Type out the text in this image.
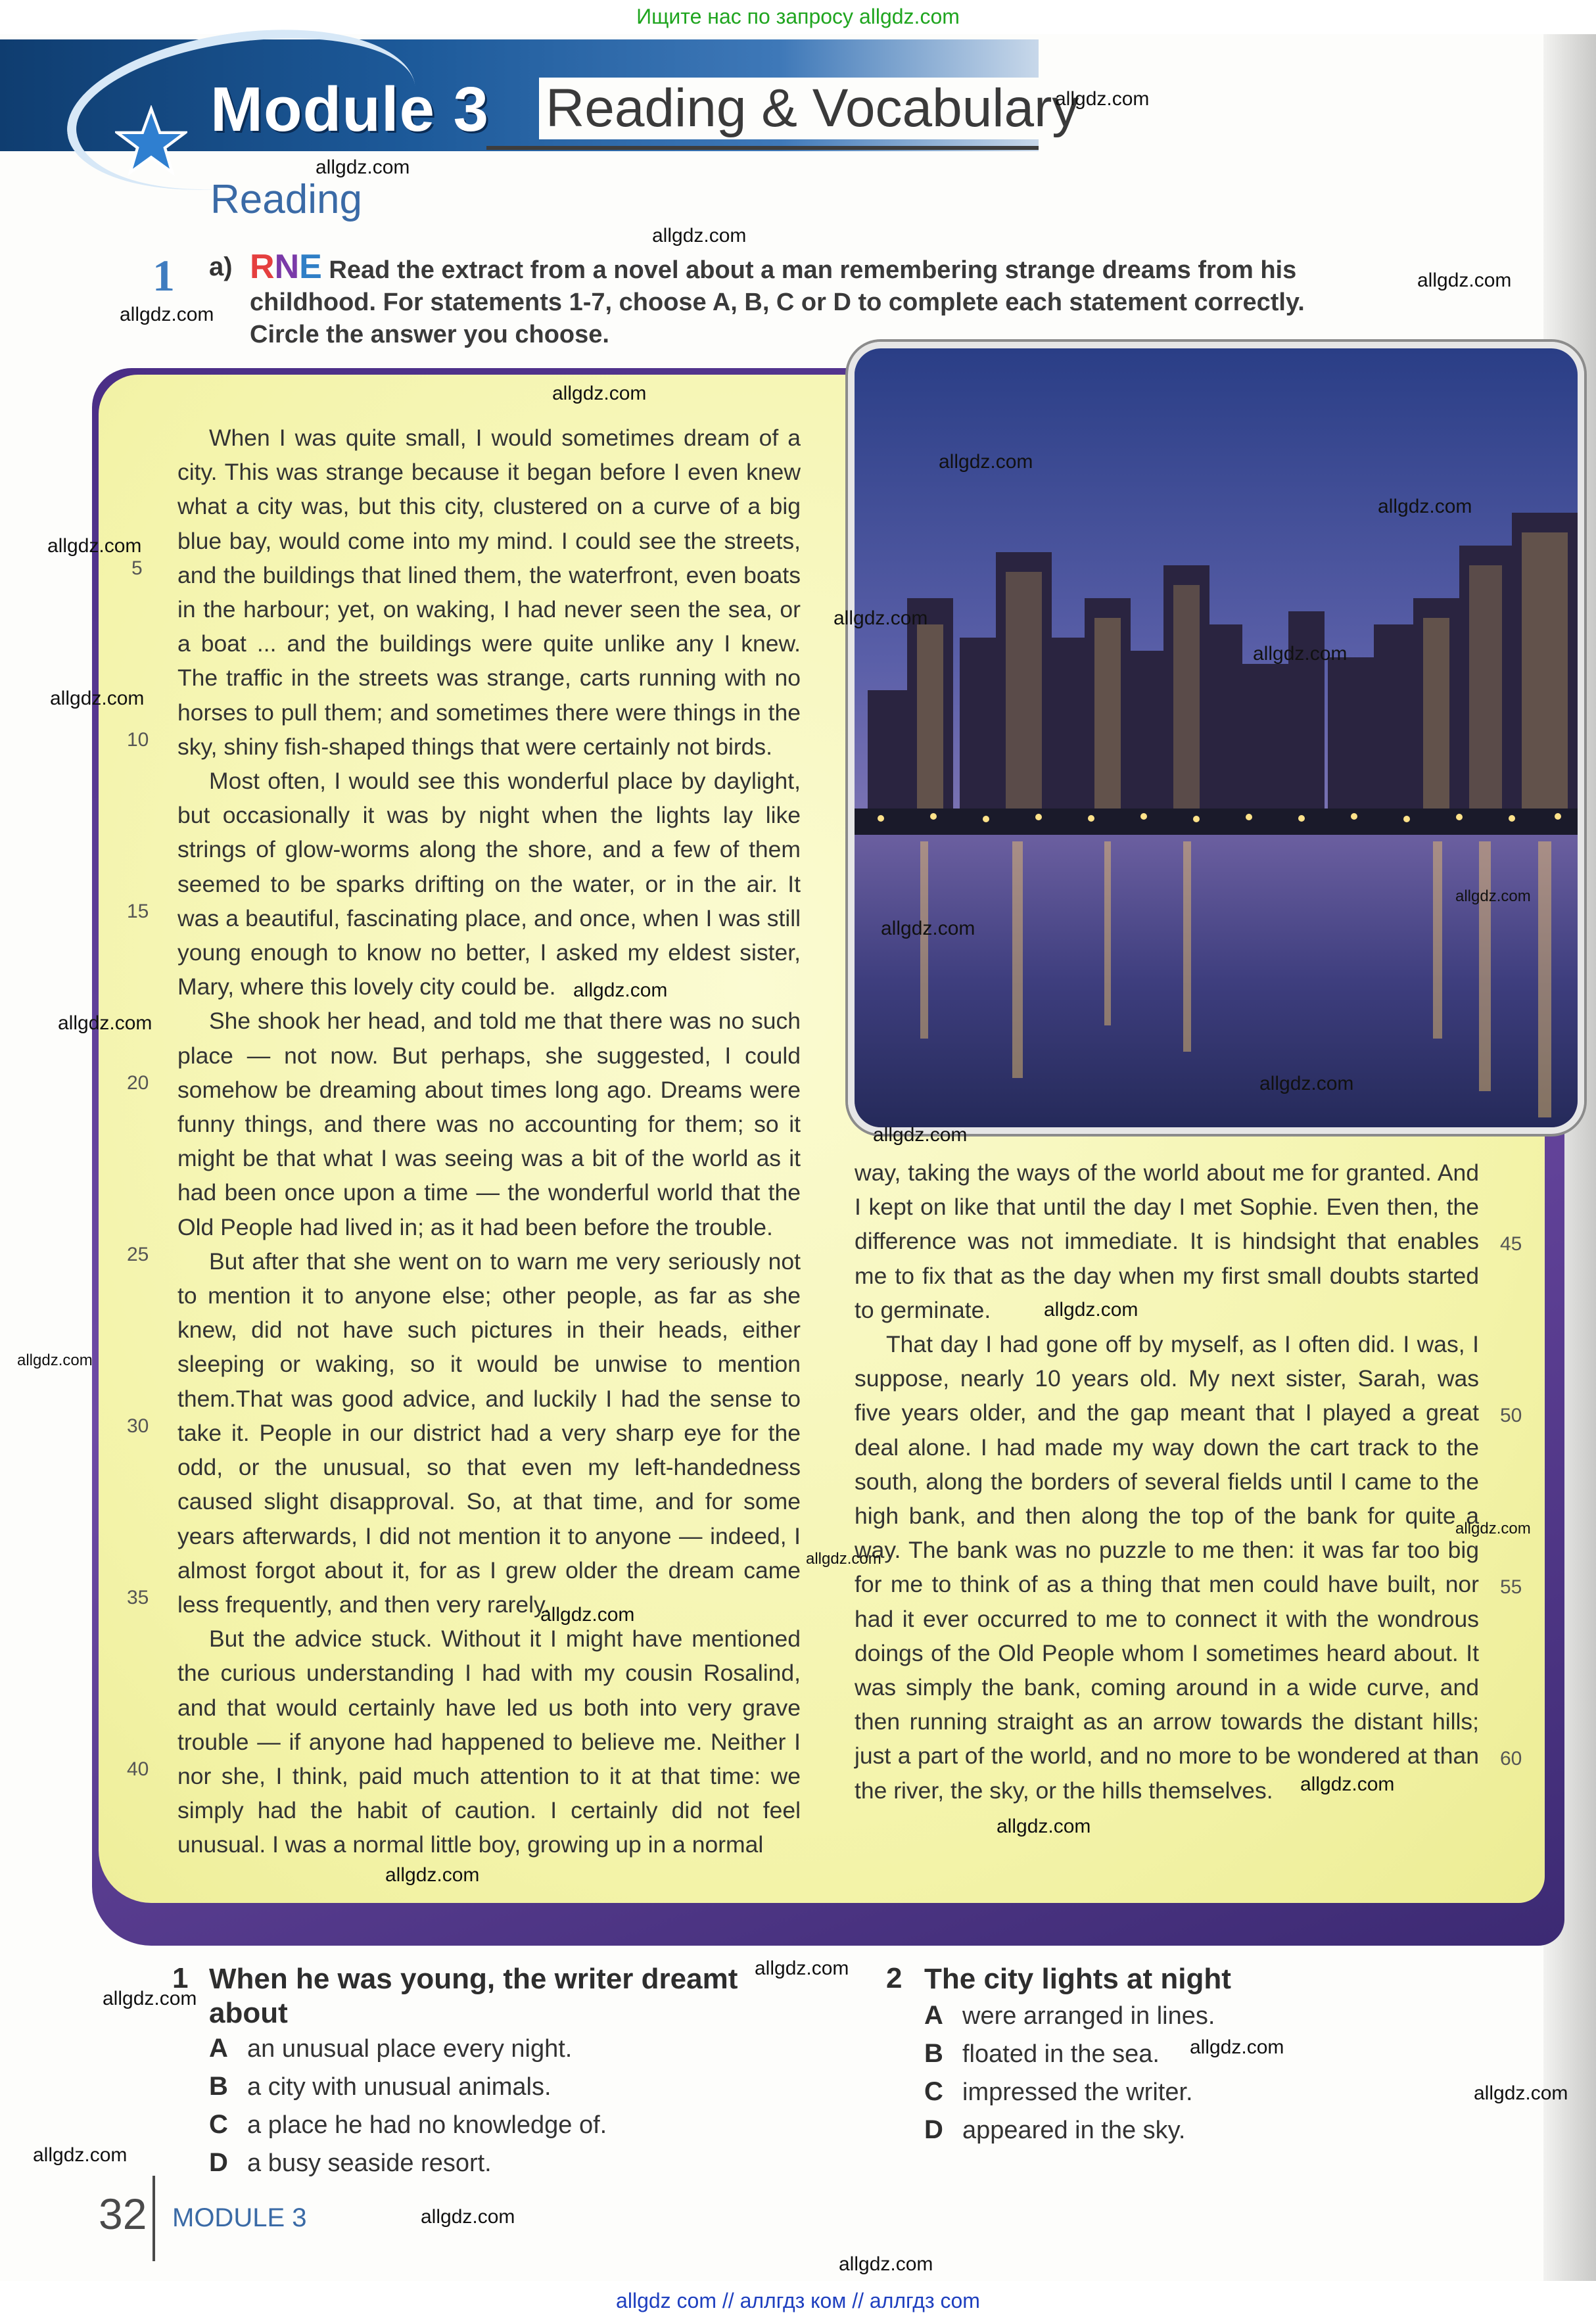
Ищите нас по запросу allgdz.com
Module 3 Reading & Vocabulary
Reading
1 a) RNE Read the extract from a novel about a man remembering strange dreams from his childhood. For statements 1-7, choose A, B, C or D to complete each statement correctly. Circle the answer you choose.

When I was quite small, I would sometimes dream of a city. This was strange because it began before I even knew what a city was, but this city, clustered on a curve of a big blue bay, would come into my mind. I could see the streets, and the buildings that lined them, the waterfront, even boats in the harbour; yet, on waking, I had never seen the sea, or a boat ... and the buildings were quite unlike any I knew. The traffic in the streets was strange, carts running with no horses to pull them; and sometimes there were things in the sky, shiny fish-shaped things that were certainly not birds.

Most often, I would see this wonderful place by daylight, but occasionally it was by night when the lights lay like strings of glow-worms along the shore, and a few of them seemed to be sparks drifting on the water, or in the air. It was a beautiful, fascinating place, and once, when I was still young enough to know no better, I asked my eldest sister, Mary, where this lovely city could be.

She shook her head, and told me that there was no such place — not now. But perhaps, she suggested, I could somehow be dreaming about times long ago. Dreams were funny things, and there was no accounting for them; so it might be that what I was seeing was a bit of the world as it had been once upon a time — the wonderful world that the Old People had lived in; as it had been before the trouble.

But after that she went on to warn me very seriously not to mention it to anyone else; other people, as far as she knew, did not have such pictures in their heads, either sleeping or waking, so it would be unwise to mention them.That was good advice, and luckily I had the sense to take it. People in our district had a very sharp eye for the odd, or the unusual, so that even my left-handedness caused slight disapproval. So, at that time, and for some years afterwards, I did not mention it to anyone — indeed, I almost forgot about it, for as I grew older the dream came less frequently, and then very rarely.

But the advice stuck. Without it I might have mentioned the curious understanding I had with my cousin Rosalind, and that would certainly have led us both into very grave trouble — if anyone had happened to believe me. Neither I nor she, I think, paid much attention to it at that time: we simply had the habit of caution. I certainly did not feel unusual. I was a normal little boy, growing up in a normal

5
10
15
20
25
30
35
40

way, taking the ways of the world about me for granted. And I kept on like that until the day I met Sophie. Even then, the difference was not immediate. It is hindsight that enables me to fix that as the day when my first small doubts started to germinate.

That day I had gone off by myself, as I often did. I was, I suppose, nearly 10 years old. My next sister, Sarah, was five years older, and the gap meant that I played a great deal alone. I had made my way down the cart track to the south, along the borders of several fields until I came to the high bank, and then along the top of the bank for quite a way. The bank was no puzzle to me then: it was far too big for me to think of as a thing that men could have built, nor had it ever occurred to me to connect it with the wondrous doings of the Old People whom I sometimes heard about. It was simply the bank, coming around in a wide curve, and then running straight as an arrow towards the distant hills; just a part of the world, and no more to be wondered at than the river, the sky, or the hills themselves.

45
50
55
60
1 When he was young, the writer dreamt about
A an unusual place every night.
B a city with unusual animals.
C a place he had no knowledge of.
D a busy seaside resort.
2 The city lights at night
A were arranged in lines.
B floated in the sea.
C impressed the writer.
D appeared in the sky.
32 MODULE 3
allgdz.com
allgdz.com
allgdz.com
allgdz.com
allgdz.com
allgdz.com
allgdz.com
allgdz.com
allgdz.com
allgdz.com
allgdz.com
allgdz.com
allgdz.com
allgdz.com
allgdz.com
allgdz.com
allgdz.com
allgdz.com
allgdz.com
allgdz.com
allgdz.com
allgdz.com
allgdz.com
allgdz.com
allgdz.com
allgdz.com
allgdz.com
allgdz.com
allgdz.com
allgdz.com
allgdz.com
allgdz.com
allgdz.com
allgdz com // аллгдз ком // аллгдз com
